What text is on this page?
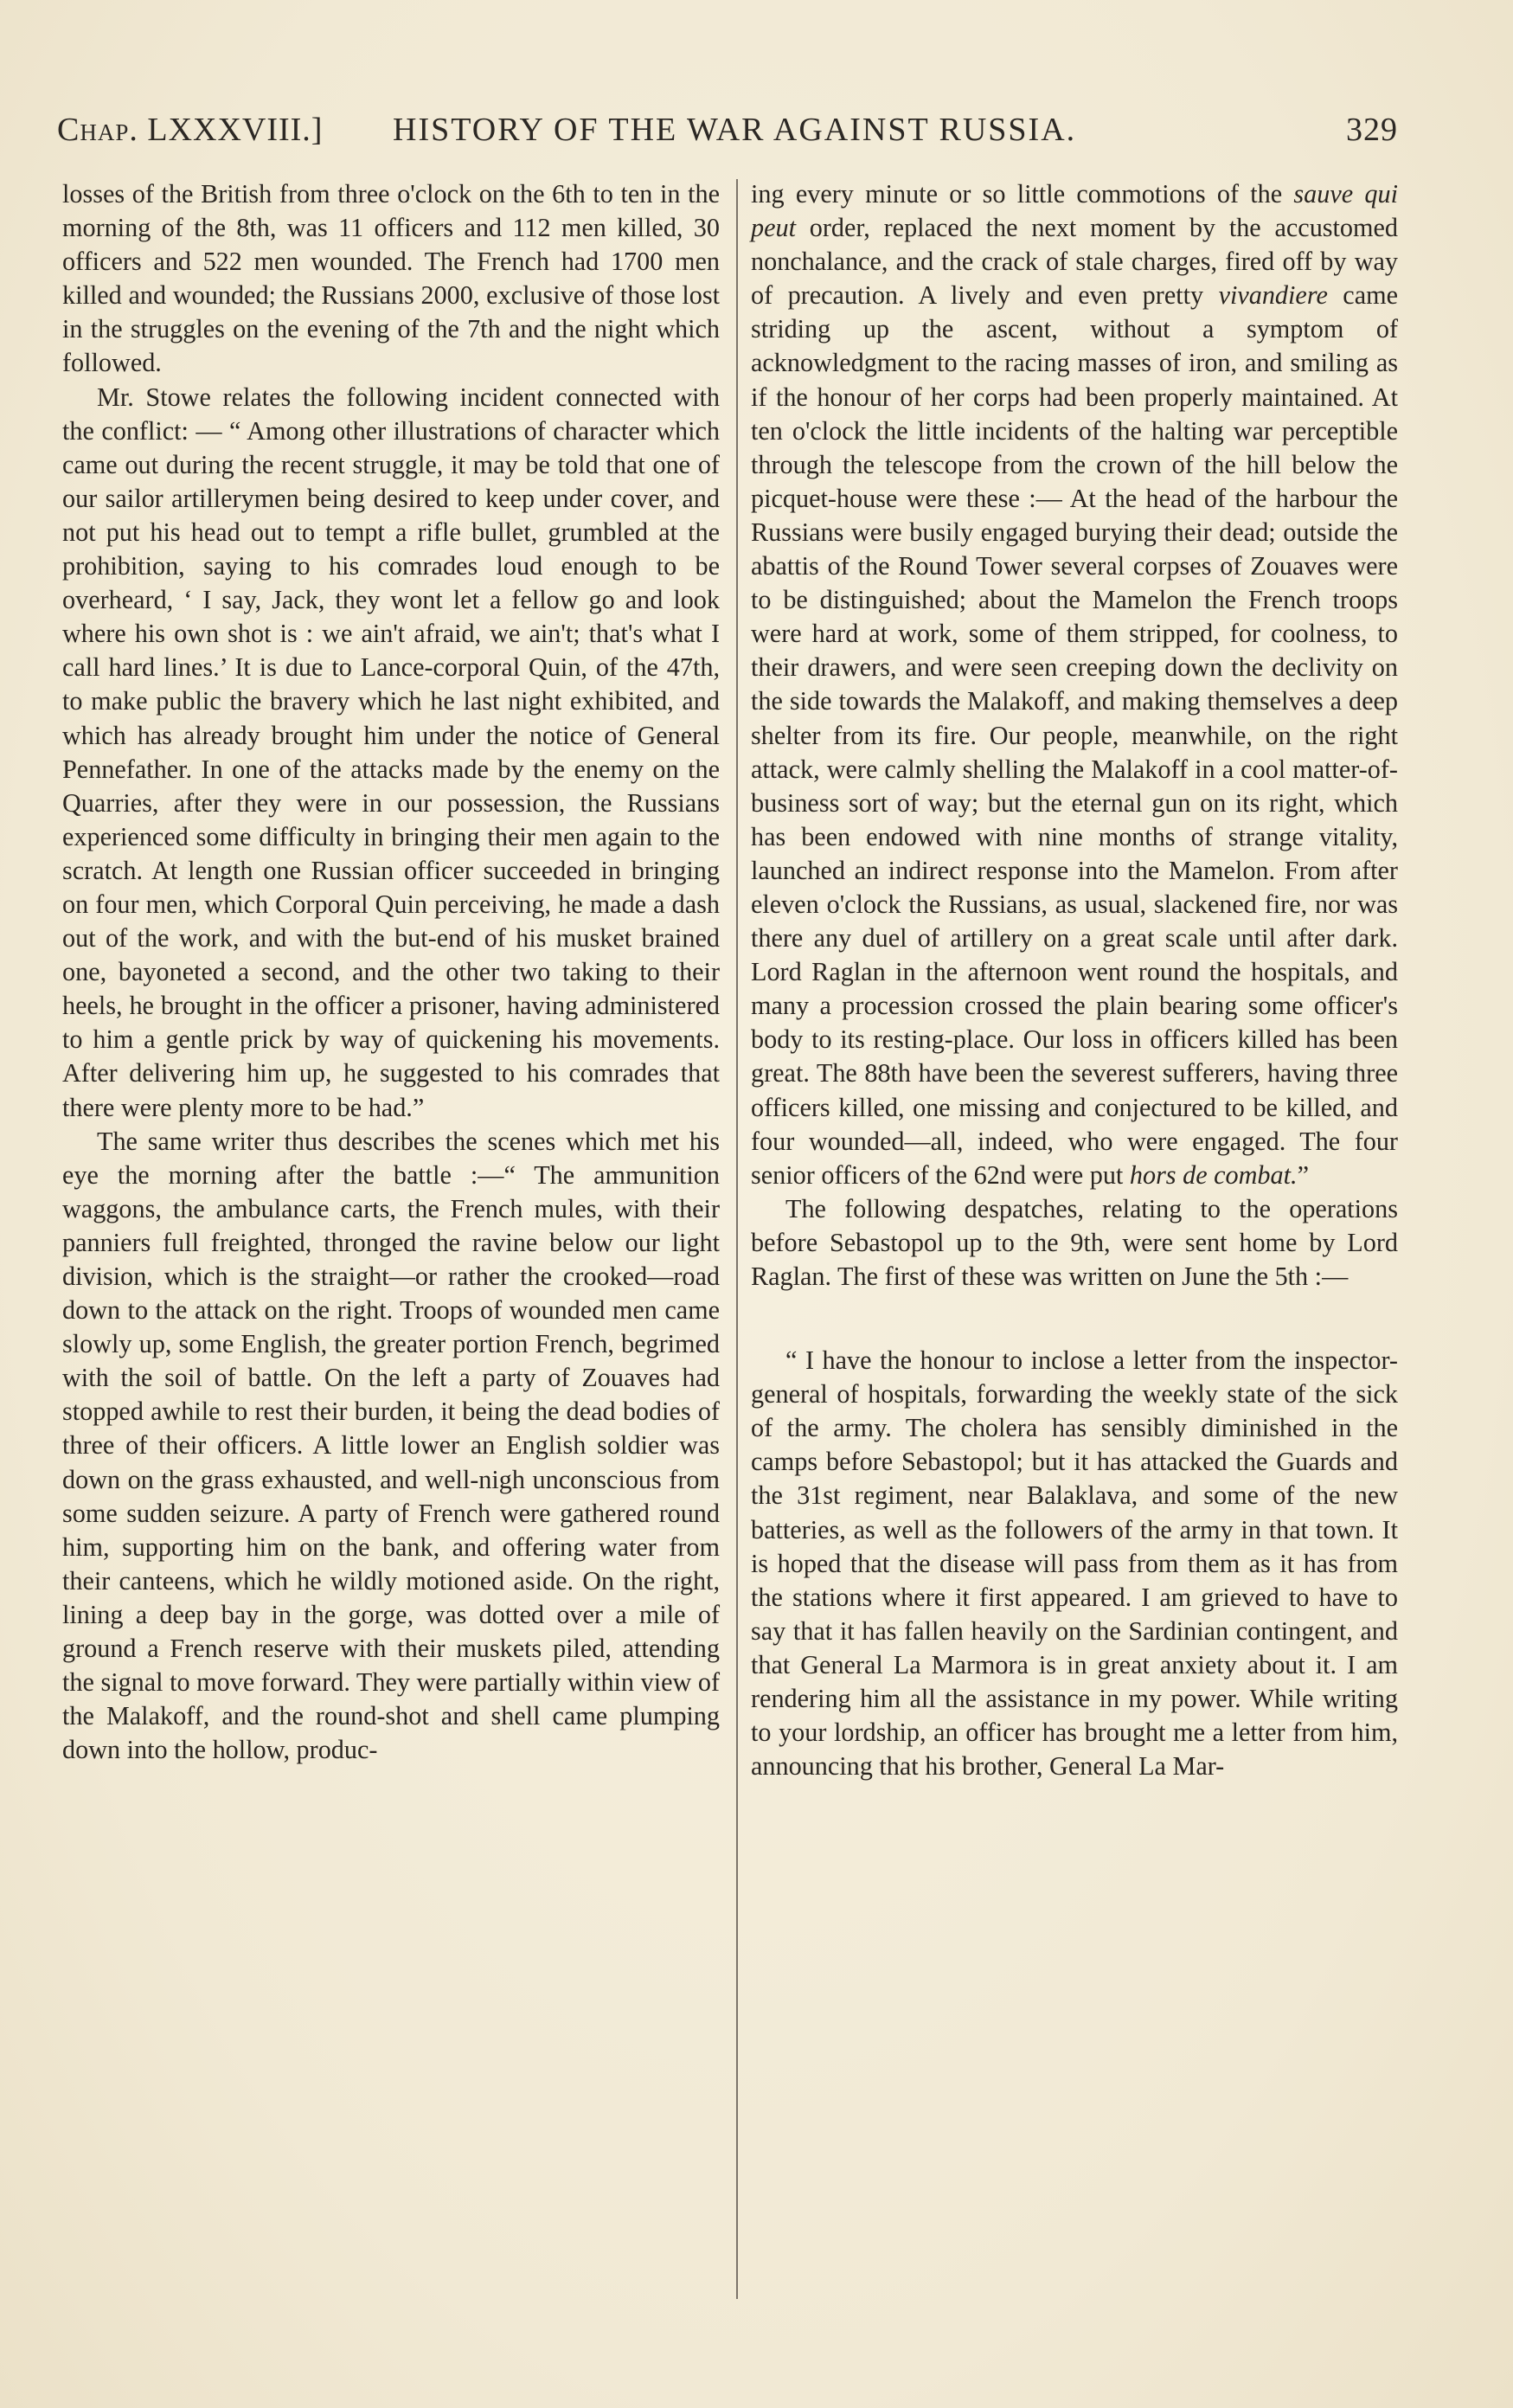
Chap. LXXXVIII.] HISTORY OF THE WAR AGAINST RUSSIA.	329

losses of the British from three o'clock on the 6th to ten in the morning of the 8th, was 11 officers and 112 men killed, 30 officers and 522 men wounded. The French had 1700 men killed and wounded; the Russians 2000, exclusive of those lost in the struggles on the evening of the 7th and the night which followed.

Mr. Stowe relates the following incident connected with the conflict: — “ Among other illustrations of character which came out during the recent struggle, it may be told that one of our sailor artillerymen being desired to keep under cover, and not put his head out to tempt a rifle bullet, grumbled at the prohibition, saying to his comrades loud enough to be overheard, ‘ I say, Jack, they wont let a fellow go and look where his own shot is : we ain't afraid, we ain't; that's what I call hard lines.’ It is due to Lance-corporal Quin, of the 47th, to make public the bravery which he last night exhibited, and which has already brought him under the notice of General Pennefather. In one of the attacks made by the enemy on the Quarries, after they were in our possession, the Russians experienced some difficulty in bringing their men again to the scratch. At length one Russian officer succeeded in bringing on four men, which Corporal Quin perceiving, he made a dash out of the work, and with the but-end of his musket brained one, bayoneted a second, and the other two taking to their heels, he brought in the officer a prisoner, having administered to him a gentle prick by way of quickening his movements. After delivering him up, he suggested to his comrades that there were plenty more to be had.”

The same writer thus describes the scenes which met his eye the morning after the battle :—“ The ammunition waggons, the ambulance carts, the French mules, with their panniers full freighted, thronged the ravine below our light division, which is the straight—or rather the crooked—road down to the attack on the right. Troops of wounded men came slowly up, some English, the greater portion French, begrimed with the soil of battle. On the left a party of Zouaves had stopped awhile to rest their burden, it being the dead bodies of three of their officers. A little lower an English soldier was down on the grass exhausted, and well-nigh unconscious from some sudden seizure. A party of French were gathered round him, supporting him on the bank, and offering water from their canteens, which he wildly motioned aside. On the right, lining a deep bay in the gorge, was dotted over a mile of ground a French reserve with their muskets piled, attending the signal to move forward. They were partially within view of the Malakoff, and the round-shot and shell came plumping down into the hollow, produc-

ing every minute or so little commotions of the sauve qui peut order, replaced the next moment by the accustomed nonchalance, and the crack of stale charges, fired off by way of precaution. A lively and even pretty vivandiere came striding up the ascent, without a symptom of acknowledgment to the racing masses of iron, and smiling as if the honour of her corps had been properly maintained. At ten o'clock the little incidents of the halting war perceptible through the telescope from the crown of the hill below the picquet-house were these :— At the head of the harbour the Russians were busily engaged burying their dead; outside the abattis of the Round Tower several corpses of Zouaves were to be distinguished; about the Mamelon the French troops were hard at work, some of them stripped, for coolness, to their drawers, and were seen creeping down the declivity on the side towards the Malakoff, and making themselves a deep shelter from its fire. Our people, meanwhile, on the right attack, were calmly shelling the Malakoff in a cool matter-of-business sort of way; but the eternal gun on its right, which has been endowed with nine months of strange vitality, launched an indirect response into the Mamelon. From after eleven o'clock the Russians, as usual, slackened fire, nor was there any duel of artillery on a great scale until after dark. Lord Raglan in the afternoon went round the hospitals, and many a procession crossed the plain bearing some officer's body to its resting-place. Our loss in officers killed has been great. The 88th have been the severest sufferers, having three officers killed, one missing and conjectured to be killed, and four wounded—all, indeed, who were engaged. The four senior officers of the 62nd were put hors de combat.”

The following despatches, relating to the operations before Sebastopol up to the 9th, were sent home by Lord Raglan. The first of these was written on June the 5th :—

“ I have the honour to inclose a letter from the inspector-general of hospitals, forwarding the weekly state of the sick of the army. The cholera has sensibly diminished in the camps before Sebastopol; but it has attacked the Guards and the 31st regiment, near Balaklava, and some of the new batteries, as well as the followers of the army in that town. It is hoped that the disease will pass from them as it has from the stations where it first appeared. I am grieved to have to say that it has fallen heavily on the Sardinian contingent, and that General La Marmora is in great anxiety about it. I am rendering him all the assistance in my power. While writing to your lordship, an officer has brought me a letter from him, announcing that his brother, General La Mar-
